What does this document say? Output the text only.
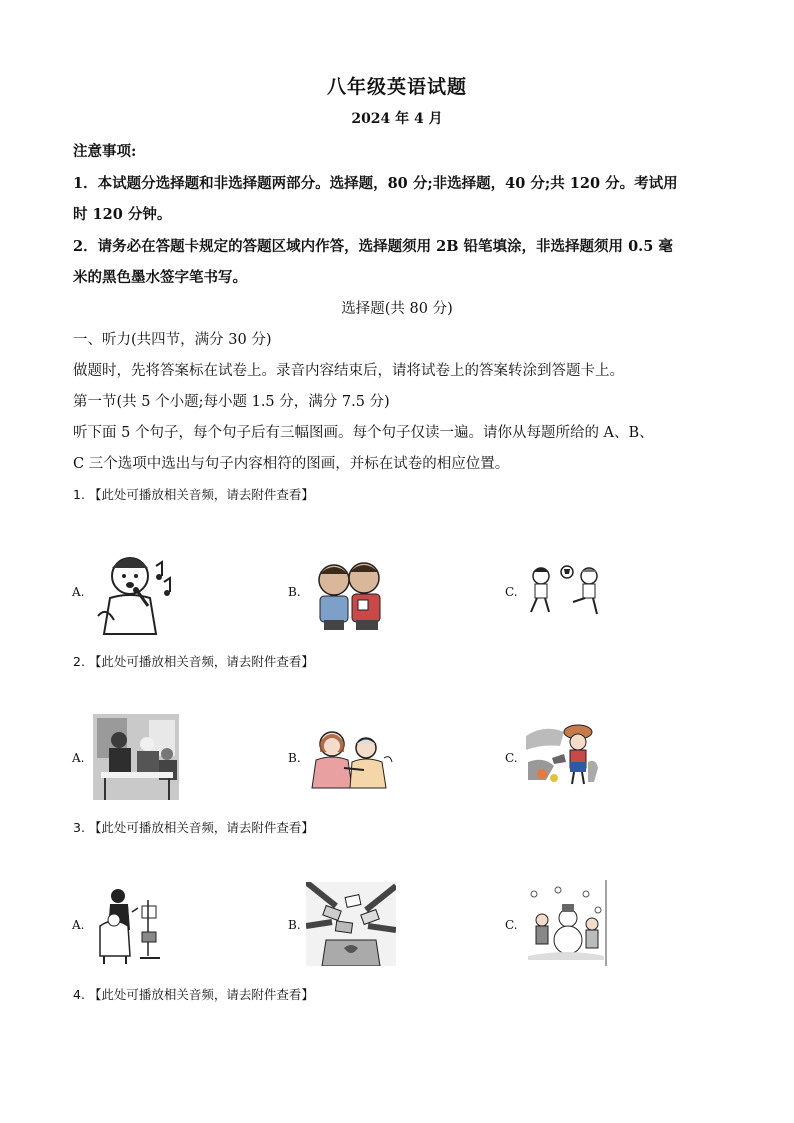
八年级英语试题
2024 年 4 月
注意事项:
1．本试题分选择题和非选择题两部分。选择题，80 分;非选择题，40 分;共 120 分。考试用
时 120 分钟。
2．请务必在答题卡规定的答题区域内作答，选择题须用 2B 铅笔填涂，非选择题须用 0.5 毫
米的黑色墨水签字笔书写。
选择题(共 80 分)
一、听力(共四节，满分 30 分)
做题时，先将答案标在试卷上。录音内容结束后，请将试卷上的答案转涂到答题卡上。
第一节(共 5 个小题;每小题 1.5 分，满分 7.5 分)
听下面 5 个句子，每个句子后有三幅图画。每个句子仅读一遍。请你从每题所给的 A、B、
C 三个选项中选出与句子内容相符的图画，并标在试卷的相应位置。
1. 【此处可播放相关音频，请去附件查看】
A.	B.	C.
2. 【此处可播放相关音频，请去附件查看】
A.	B.	C.
3. 【此处可播放相关音频，请去附件查看】
A.	B.	C.
4. 【此处可播放相关音频，请去附件查看】
